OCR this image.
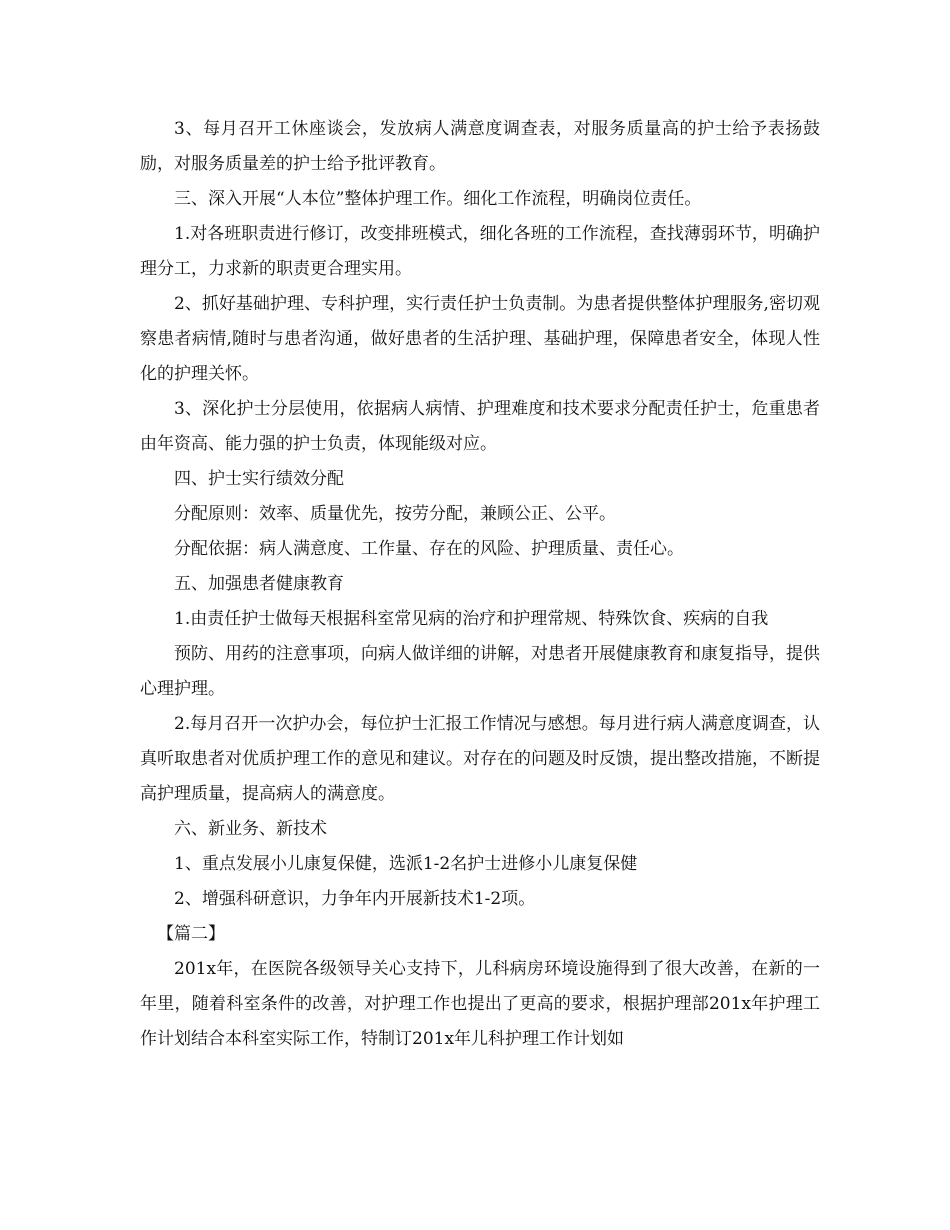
3、每月召开工休座谈会，发放病人满意度调查表，对服务质量高的护士给予表扬鼓励，对服务质量差的护士给予批评教育。

三、深入开展“人本位”整体护理工作。细化工作流程，明确岗位责任。

1.对各班职责进行修订，改变排班模式，细化各班的工作流程，查找薄弱环节，明确护理分工，力求新的职责更合理实用。

2、抓好基础护理、专科护理，实行责任护士负责制。为患者提供整体护理服务,密切观察患者病情,随时与患者沟通，做好患者的生活护理、基础护理，保障患者安全，体现人性化的护理关怀。

3、深化护士分层使用，依据病人病情、护理难度和技术要求分配责任护士，危重患者由年资高、能力强的护士负责，体现能级对应。

四、护士实行绩效分配

分配原则：效率、质量优先，按劳分配，兼顾公正、公平。

分配依据：病人满意度、工作量、存在的风险、护理质量、责任心。

五、加强患者健康教育

1.由责任护士做每天根据科室常见病的治疗和护理常规、特殊饮食、疾病的自我

预防、用药的注意事项，向病人做详细的讲解，对患者开展健康教育和康复指导，提供心理护理。

2.每月召开一次护办会，每位护士汇报工作情况与感想。每月进行病人满意度调查，认真听取患者对优质护理工作的意见和建议。对存在的问题及时反馈，提出整改措施，不断提高护理质量，提高病人的满意度。

六、新业务、新技术

1、重点发展小儿康复保健，选派1-2名护士进修小儿康复保健

2、增强科研意识，力争年内开展新技术1-2项。

【篇二】

201x年，在医院各级领导关心支持下，儿科病房环境设施得到了很大改善，在新的一年里，随着科室条件的改善，对护理工作也提出了更高的要求，根据护理部201x年护理工作计划结合本科室实际工作，特制订201x年儿科护理工作计划如
